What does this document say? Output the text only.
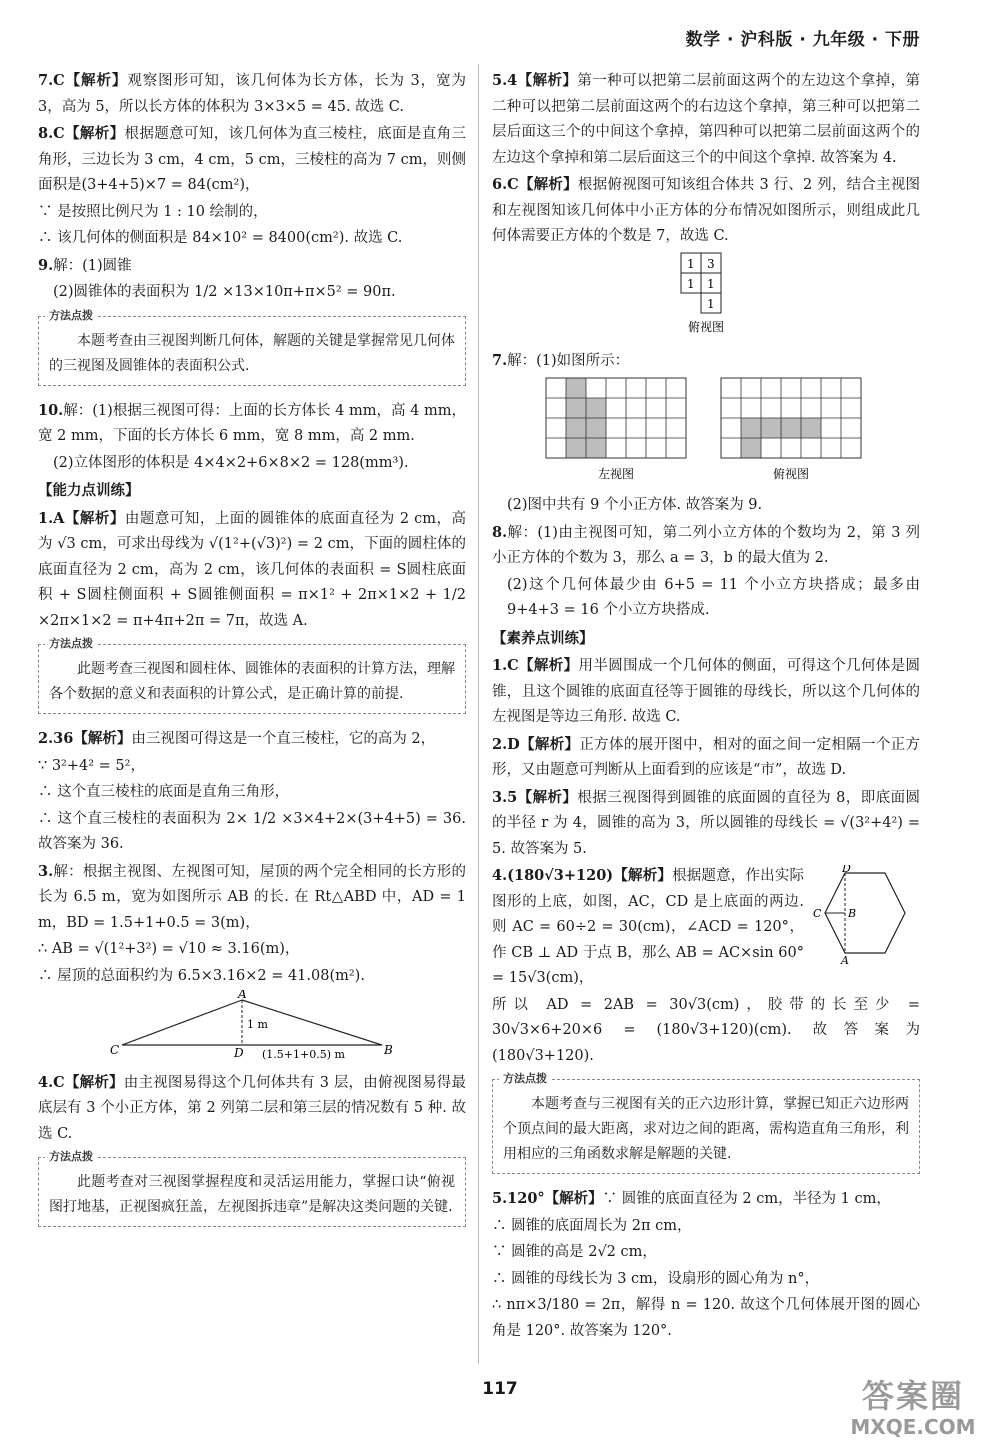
数学 · 沪科版 · 九年级 · 下册

7.C【解析】观察图形可知，该几何体为长方体，长为 3，宽为 3，高为 5，所以长方体的体积为 3×3×5 = 45. 故选 C.

8.C【解析】根据题意可知，该几何体为直三棱柱，底面是直角三角形，三边长为 3 cm，4 cm，5 cm，三棱柱的高为 7 cm，则侧面积是(3+4+5)×7 = 84(cm²)，

∵ 是按照比例尺为 1 : 10 绘制的，

∴ 该几何体的侧面积是 84×10² = 8400(cm²). 故选 C.

9.解：(1)圆锥

(2)圆锥体的表面积为 1/2 ×13×10π+π×5² = 90π.

方法点拨

本题考查由三视图判断几何体，解题的关键是掌握常见几何体的三视图及圆锥体的表面积公式.

10.解：(1)根据三视图可得：上面的长方体长 4 mm，高 4 mm，宽 2 mm，下面的长方体长 6 mm，宽 8 mm，高 2 mm.

(2)立体图形的体积是 4×4×2+6×8×2 = 128(mm³).

【能力点训练】

1.A【解析】由题意可知，上面的圆锥体的底面直径为 2 cm，高为 √3 cm，可求出母线为 √(1²+(√3)²) = 2 cm，下面的圆柱体的底面直径为 2 cm，高为 2 cm，该几何体的表面积 = S圆柱底面积 + S圆柱侧面积 + S圆锥侧面积 = π×1² + 2π×1×2 + 1/2 ×2π×1×2 = π+4π+2π = 7π，故选 A.

方法点拨

此题考查三视图和圆柱体、圆锥体的表面积的计算方法，理解各个数据的意义和表面积的计算公式，是正确计算的前提.

2.36【解析】由三视图可得这是一个直三棱柱，它的高为 2，

∵ 3²+4² = 5²，

∴ 这个直三棱柱的底面是直角三角形，

∴ 这个直三棱柱的表面积为 2× 1/2 ×3×4+2×(3+4+5) = 36. 故答案为 36.

3.解：根据主视图、左视图可知，屋顶的两个完全相同的长方形的长为 6.5 m，宽为如图所示 AB 的长. 在 Rt△ABD 中，AD = 1 m，BD = 1.5+1+0.5 = 3(m)，

∴ AB = √(1²+3²) = √10 ≈ 3.16(m)，

∴ 屋顶的总面积约为 6.5×3.16×2 = 41.08(m²).

A
C	D	B
1 m
(1.5+1+0.5) m

4.C【解析】由主视图易得这个几何体共有 3 层，由俯视图易得最底层有 3 个小正方体，第 2 列第二层和第三层的情况数有 5 种. 故选 C.

方法点拨

此题考查对三视图掌握程度和灵活运用能力，掌握口诀“俯视图打地基，正视图疯狂盖，左视图拆违章”是解决这类问题的关键.

5.4【解析】第一种可以把第二层前面这两个的左边这个拿掉，第二种可以把第二层前面这两个的右边这个拿掉，第三种可以把第二层后面这三个的中间这个拿掉，第四种可以把第二层前面这两个的左边这个拿掉和第二层后面这三个的中间这个拿掉. 故答案为 4.

6.C【解析】根据俯视图可知该组合体共 3 行、2 列，结合主视图和左视图知该几何体中小正方体的分布情况如图所示，则组成此几何体需要正方体的个数是 7，故选 C.

1 3
1 1
1
俯视图

7.解：(1)如图所示：

左视图	俯视图

(2)图中共有 9 个小正方体. 故答案为 9.

8.解：(1)由主视图可知，第二列小立方体的个数均为 2，第 3 列小正方体的个数为 3，那么 a = 3，b 的最大值为 2.

(2)这个几何体最少由 6+5 = 11 个小立方块搭成；最多由 9+4+3 = 16 个小立方块搭成.

【素养点训练】

1.C【解析】用半圆围成一个几何体的侧面，可得这个几何体是圆锥，且这个圆锥的底面直径等于圆锥的母线长，所以这个几何体的左视图是等边三角形. 故选 C.

2.D【解析】正方体的展开图中，相对的面之间一定相隔一个正方形，又由题意可判断从上面看到的应该是“市”，故选 D.

3.5【解析】根据三视图得到圆锥的底面圆的直径为 8，即底面圆的半径 r 为 4，圆锥的高为 3，所以圆锥的母线长 = √(3²+4²) = 5. 故答案为 5.

D
C B
A

4.(180√3+120)【解析】根据题意，作出实际图形的上底，如图，AC，CD 是上底面的两边. 则 AC = 60÷2 = 30(cm)，∠ACD = 120°，作 CB ⊥ AD 于点 B，那么 AB = AC×sin 60° = 15√3(cm)，

所以 AD = 2AB = 30√3(cm)，胶带的长至少 = 30√3×6+20×6 = (180√3+120)(cm). 故答案为 (180√3+120).

方法点拨

本题考查与三视图有关的正六边形计算，掌握已知正六边形两个顶点间的最大距离，求对边之间的距离，需构造直角三角形，利用相应的三角函数求解是解题的关键.

5.120°【解析】∵ 圆锥的底面直径为 2 cm，半径为 1 cm，

∴ 圆锥的底面周长为 2π cm，

∵ 圆锥的高是 2√2 cm，

∴ 圆锥的母线长为 3 cm，设扇形的圆心角为 n°，

∴ nπ×3/180 = 2π，解得 n = 120. 故这个几何体展开图的圆心角是 120°. 故答案为 120°.

117	答案圈
MXQE.COM
